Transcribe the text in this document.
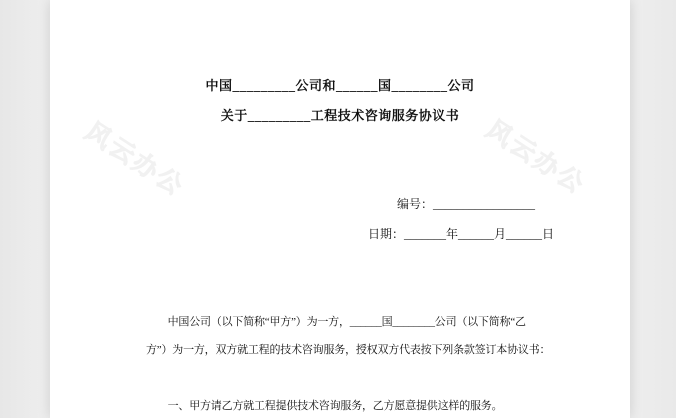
风云办公	风云办公
中国_________公司和______国________公司
关于_________工程技术咨询服务协议书
编号：_________________
日期：_______年______月______日
　　中国公司（以下简称“甲方”）为一方，______国________公司（以下简称“乙
方”）为一方，双方就工程的技术咨询服务，授权双方代表按下列条款签订本协议书：
　　一、甲方请乙方就工程提供技术咨询服务，乙方愿意提供这样的服务。
